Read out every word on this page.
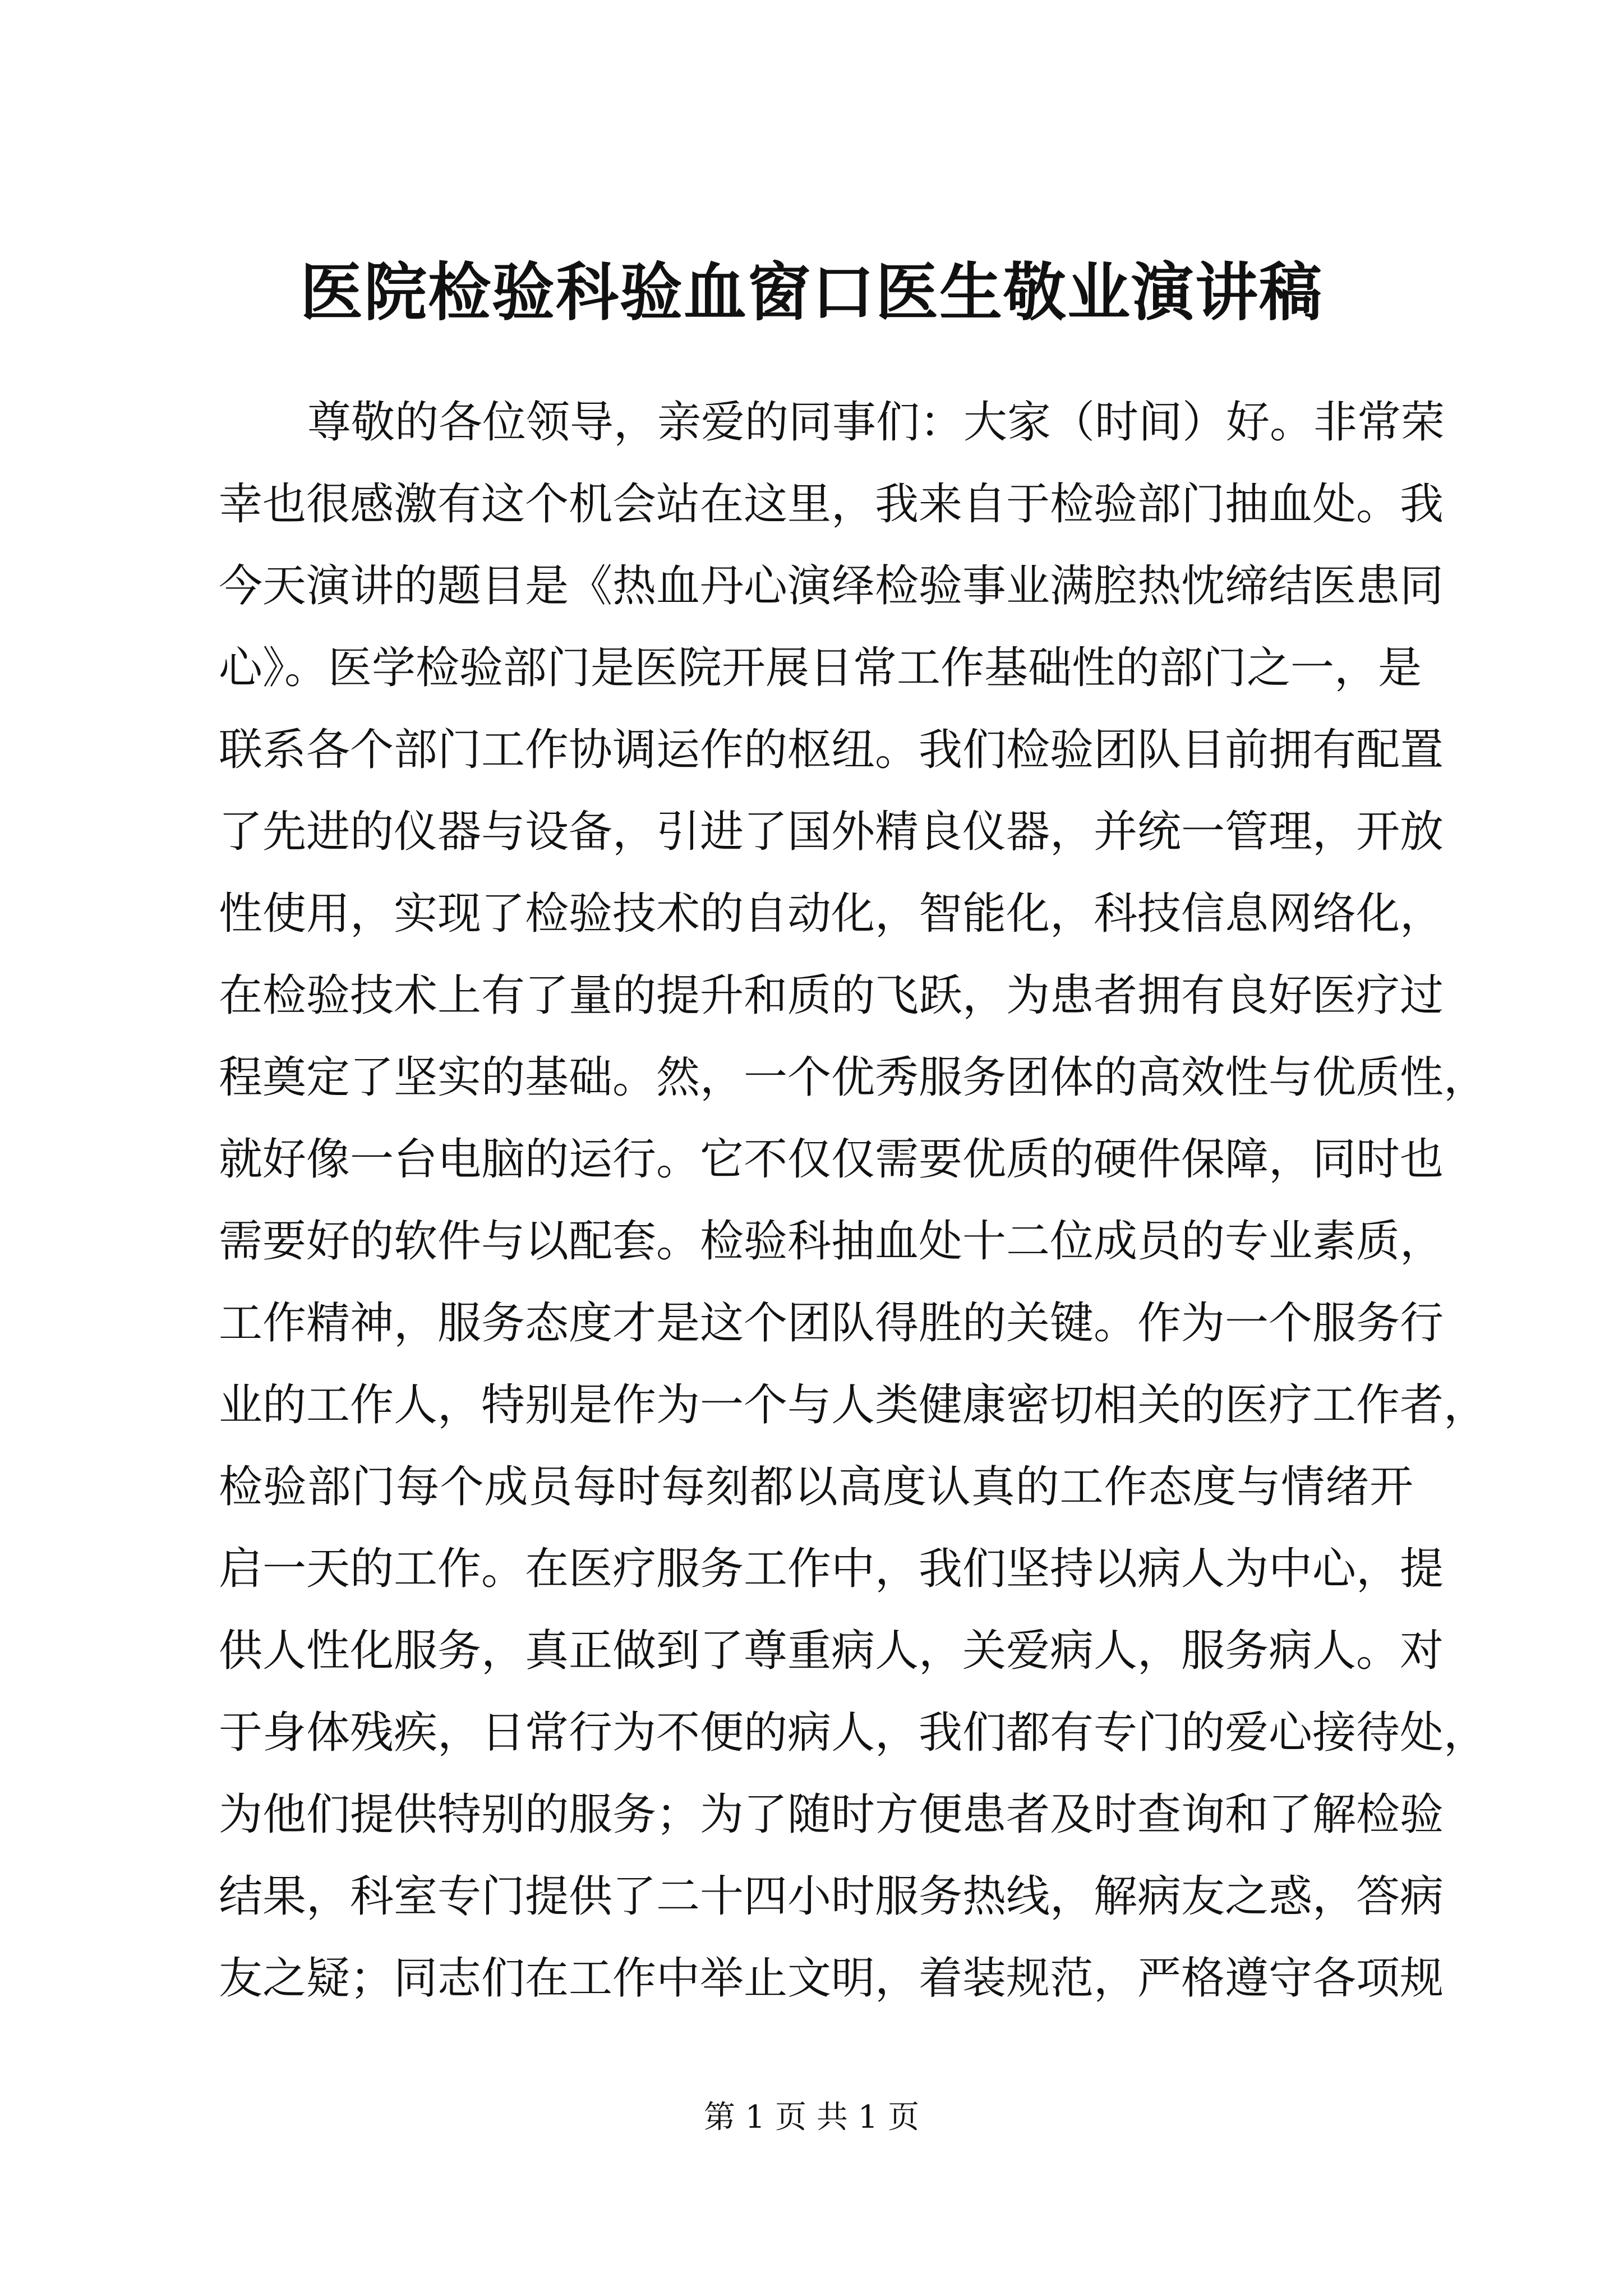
医院检验科验血窗口医生敬业演讲稿
尊敬的各位领导，亲爱的同事们：大家（时间）好。非常荣
幸也很感激有这个机会站在这里，我来自于检验部门抽血处。我
今天演讲的题目是《热血丹心演绎检验事业满腔热忱缔结医患同
心》。医学检验部门是医院开展日常工作基础性的部门之一，是
联系各个部门工作协调运作的枢纽。我们检验团队目前拥有配置
了先进的仪器与设备，引进了国外精良仪器，并统一管理，开放
性使用，实现了检验技术的自动化，智能化，科技信息网络化，
在检验技术上有了量的提升和质的飞跃，为患者拥有良好医疗过
程奠定了坚实的基础。然，一个优秀服务团体的高效性与优质性，
就好像一台电脑的运行。它不仅仅需要优质的硬件保障，同时也
需要好的软件与以配套。检验科抽血处十二位成员的专业素质，
工作精神，服务态度才是这个团队得胜的关键。作为一个服务行
业的工作人，特别是作为一个与人类健康密切相关的医疗工作者，
检验部门每个成员每时每刻都以高度认真的工作态度与情绪开
启一天的工作。在医疗服务工作中，我们坚持以病人为中心，提
供人性化服务，真正做到了尊重病人，关爱病人，服务病人。对
于身体残疾，日常行为不便的病人，我们都有专门的爱心接待处，
为他们提供特别的服务；为了随时方便患者及时查询和了解检验
结果，科室专门提供了二十四小时服务热线，解病友之惑，答病
友之疑；同志们在工作中举止文明，着装规范，严格遵守各项规
第 1 页 共 1 页
